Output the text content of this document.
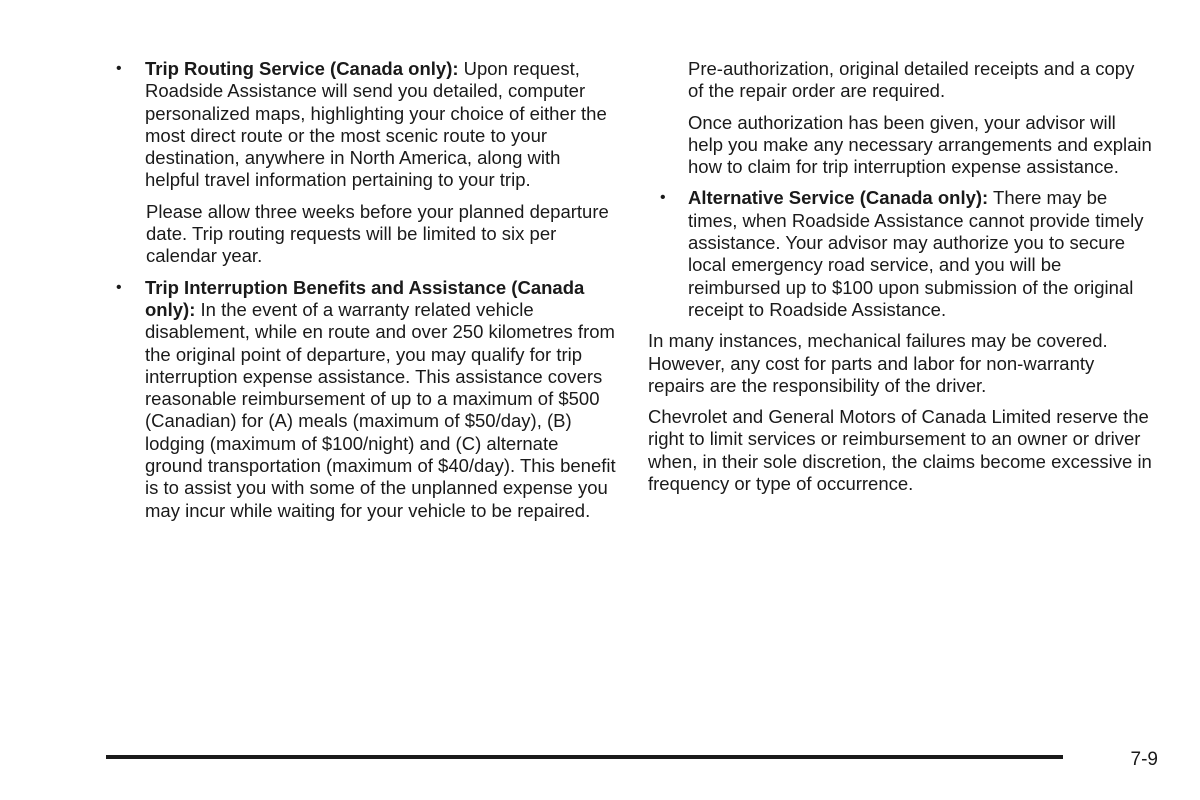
• Trip Routing Service (Canada only): Upon request, Roadside Assistance will send you detailed, computer personalized maps, highlighting your choice of either the most direct route or the most scenic route to your destination, anywhere in North America, along with helpful travel information pertaining to your trip.

Please allow three weeks before your planned departure date. Trip routing requests will be limited to six per calendar year.

• Trip Interruption Benefits and Assistance (Canada only): In the event of a warranty related vehicle disablement, while en route and over 250 kilometres from the original point of departure, you may qualify for trip interruption expense assistance. This assistance covers reasonable reimbursement of up to a maximum of $500 (Canadian) for (A) meals (maximum of $50/day), (B) lodging (maximum of $100/night) and (C) alternate ground transportation (maximum of $40/day). This benefit is to assist you with some of the unplanned expense you may incur while waiting for your vehicle to be repaired.

Pre-authorization, original detailed receipts and a copy of the repair order are required.

Once authorization has been given, your advisor will help you make any necessary arrangements and explain how to claim for trip interruption expense assistance.

• Alternative Service (Canada only): There may be times, when Roadside Assistance cannot provide timely assistance. Your advisor may authorize you to secure local emergency road service, and you will be reimbursed up to $100 upon submission of the original receipt to Roadside Assistance.

In many instances, mechanical failures may be covered. However, any cost for parts and labor for non-warranty repairs are the responsibility of the driver.

Chevrolet and General Motors of Canada Limited reserve the right to limit services or reimbursement to an owner or driver when, in their sole discretion, the claims become excessive in frequency or type of occurrence.

7-9
